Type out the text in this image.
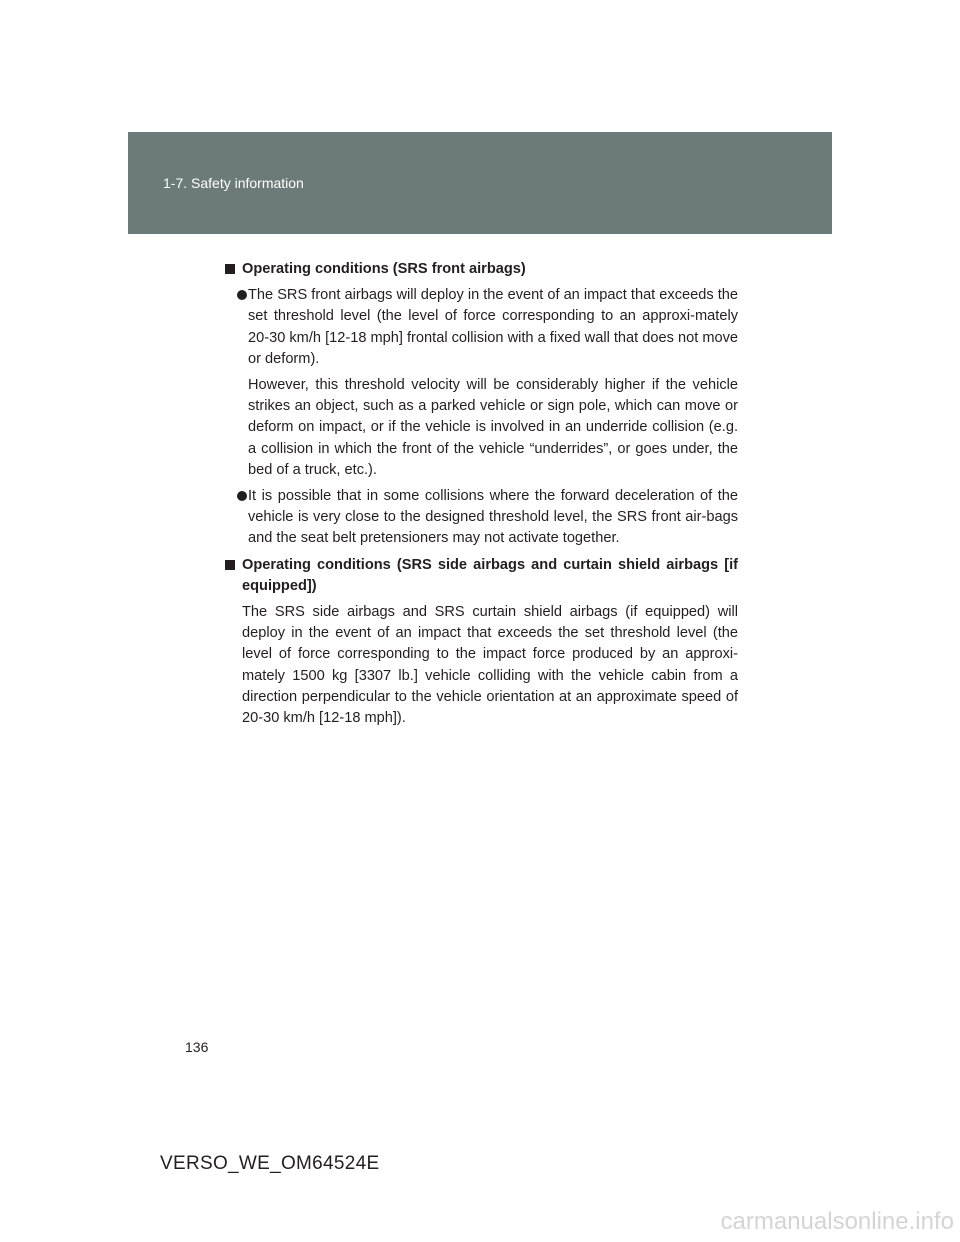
1-7. Safety information
Operating conditions (SRS front airbags)
The SRS front airbags will deploy in the event of an impact that exceeds the set threshold level (the level of force corresponding to an approxi-mately 20-30 km/h [12-18 mph] frontal collision with a fixed wall that does not move or deform).
However, this threshold velocity will be considerably higher if the vehicle strikes an object, such as a parked vehicle or sign pole, which can move or deform on impact, or if the vehicle is involved in an underride collision (e.g. a collision in which the front of the vehicle “underrides”, or goes under, the bed of a truck, etc.).
It is possible that in some collisions where the forward deceleration of the vehicle is very close to the designed threshold level, the SRS front air-bags and the seat belt pretensioners may not activate together.
Operating conditions (SRS side airbags and curtain shield airbags [if equipped])
The SRS side airbags and SRS curtain shield airbags (if equipped) will deploy in the event of an impact that exceeds the set threshold level (the level of force corresponding to the impact force produced by an approxi-mately 1500 kg [3307 lb.] vehicle colliding with the vehicle cabin from a direction perpendicular to the vehicle orientation at an approximate speed of 20-30 km/h [12-18 mph]).
136
VERSO_WE_OM64524E
carmanualsonline.info
